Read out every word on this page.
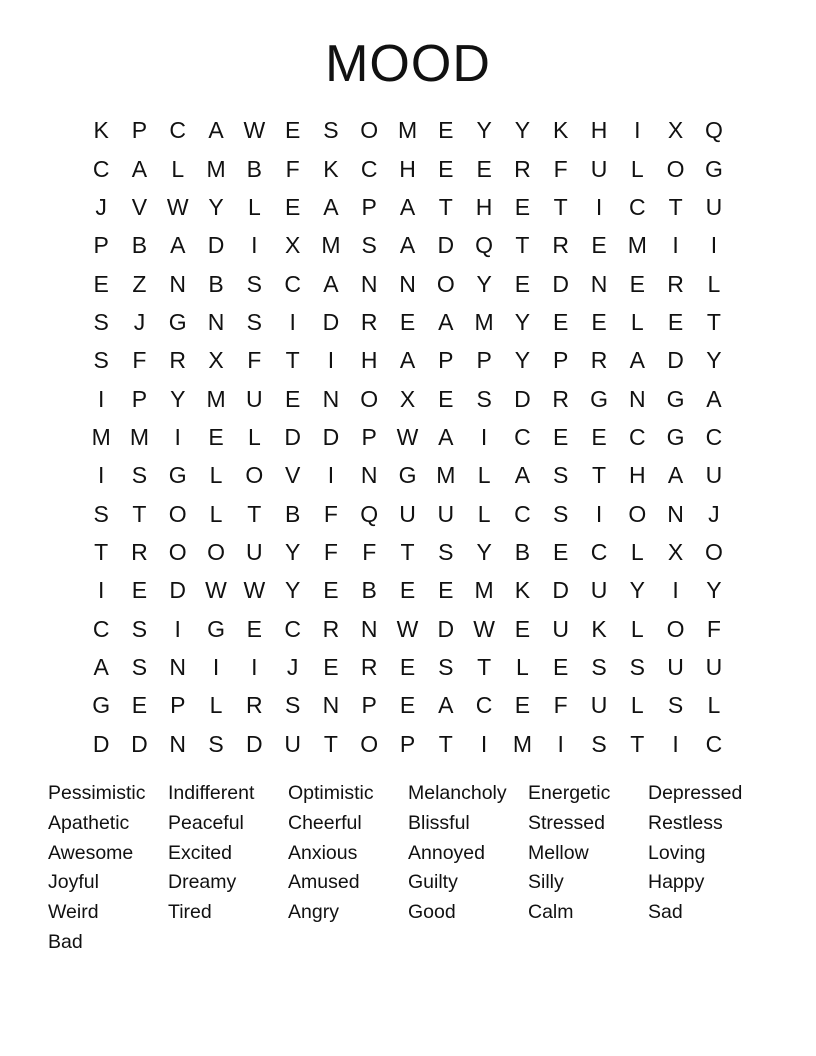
MOOD
K P C A W E S O M E Y Y K H	I	X Q
C A	L M B	F	K C H E E R F U	L O G
J	V W Y	L	E A P A	T H E	T	I	C T U
P B A D	I	X M S A D Q T R E M	I	I
E	Z N B S C A N N O Y E D N E R	L
S	J	G N S	I	D R E A M Y E E	L	E	T
S	F R X	F	T	I	H A P P Y P R A D Y
I	P Y M U E N O X E S D R G N G A
M M	I	E	L	D D P W A	I	C E E C G C
I	S G L O V	I	N G M L	A S	T H A U
S	T O L	T	B	F Q U U	L	C S	I	O N	J
T R O O U Y	F	F	T	S Y B E C	L	X O
I	E D W W Y E B E E M K D U Y	I	Y
C S	I	G E C R N W D W E U K	L O F
A S N	I	I	J	E R E S	T	L	E S S U U
G E P	L	R S N P E A C E	F U	L	S	L
D D N S D U T O P	T	I	M	I	S	T	I	C
Pessimistic	Indifferent	Optimistic	Melancholy	Energetic	Depressed
Apathetic	Peaceful	Cheerful	Blissful	Stressed	Restless
Awesome	Excited	Anxious	Annoyed	Mellow	Loving
Joyful	Dreamy	Amused	Guilty	Silly	Happy
Weird	Tired	Angry	Good	Calm	Sad
Bad
